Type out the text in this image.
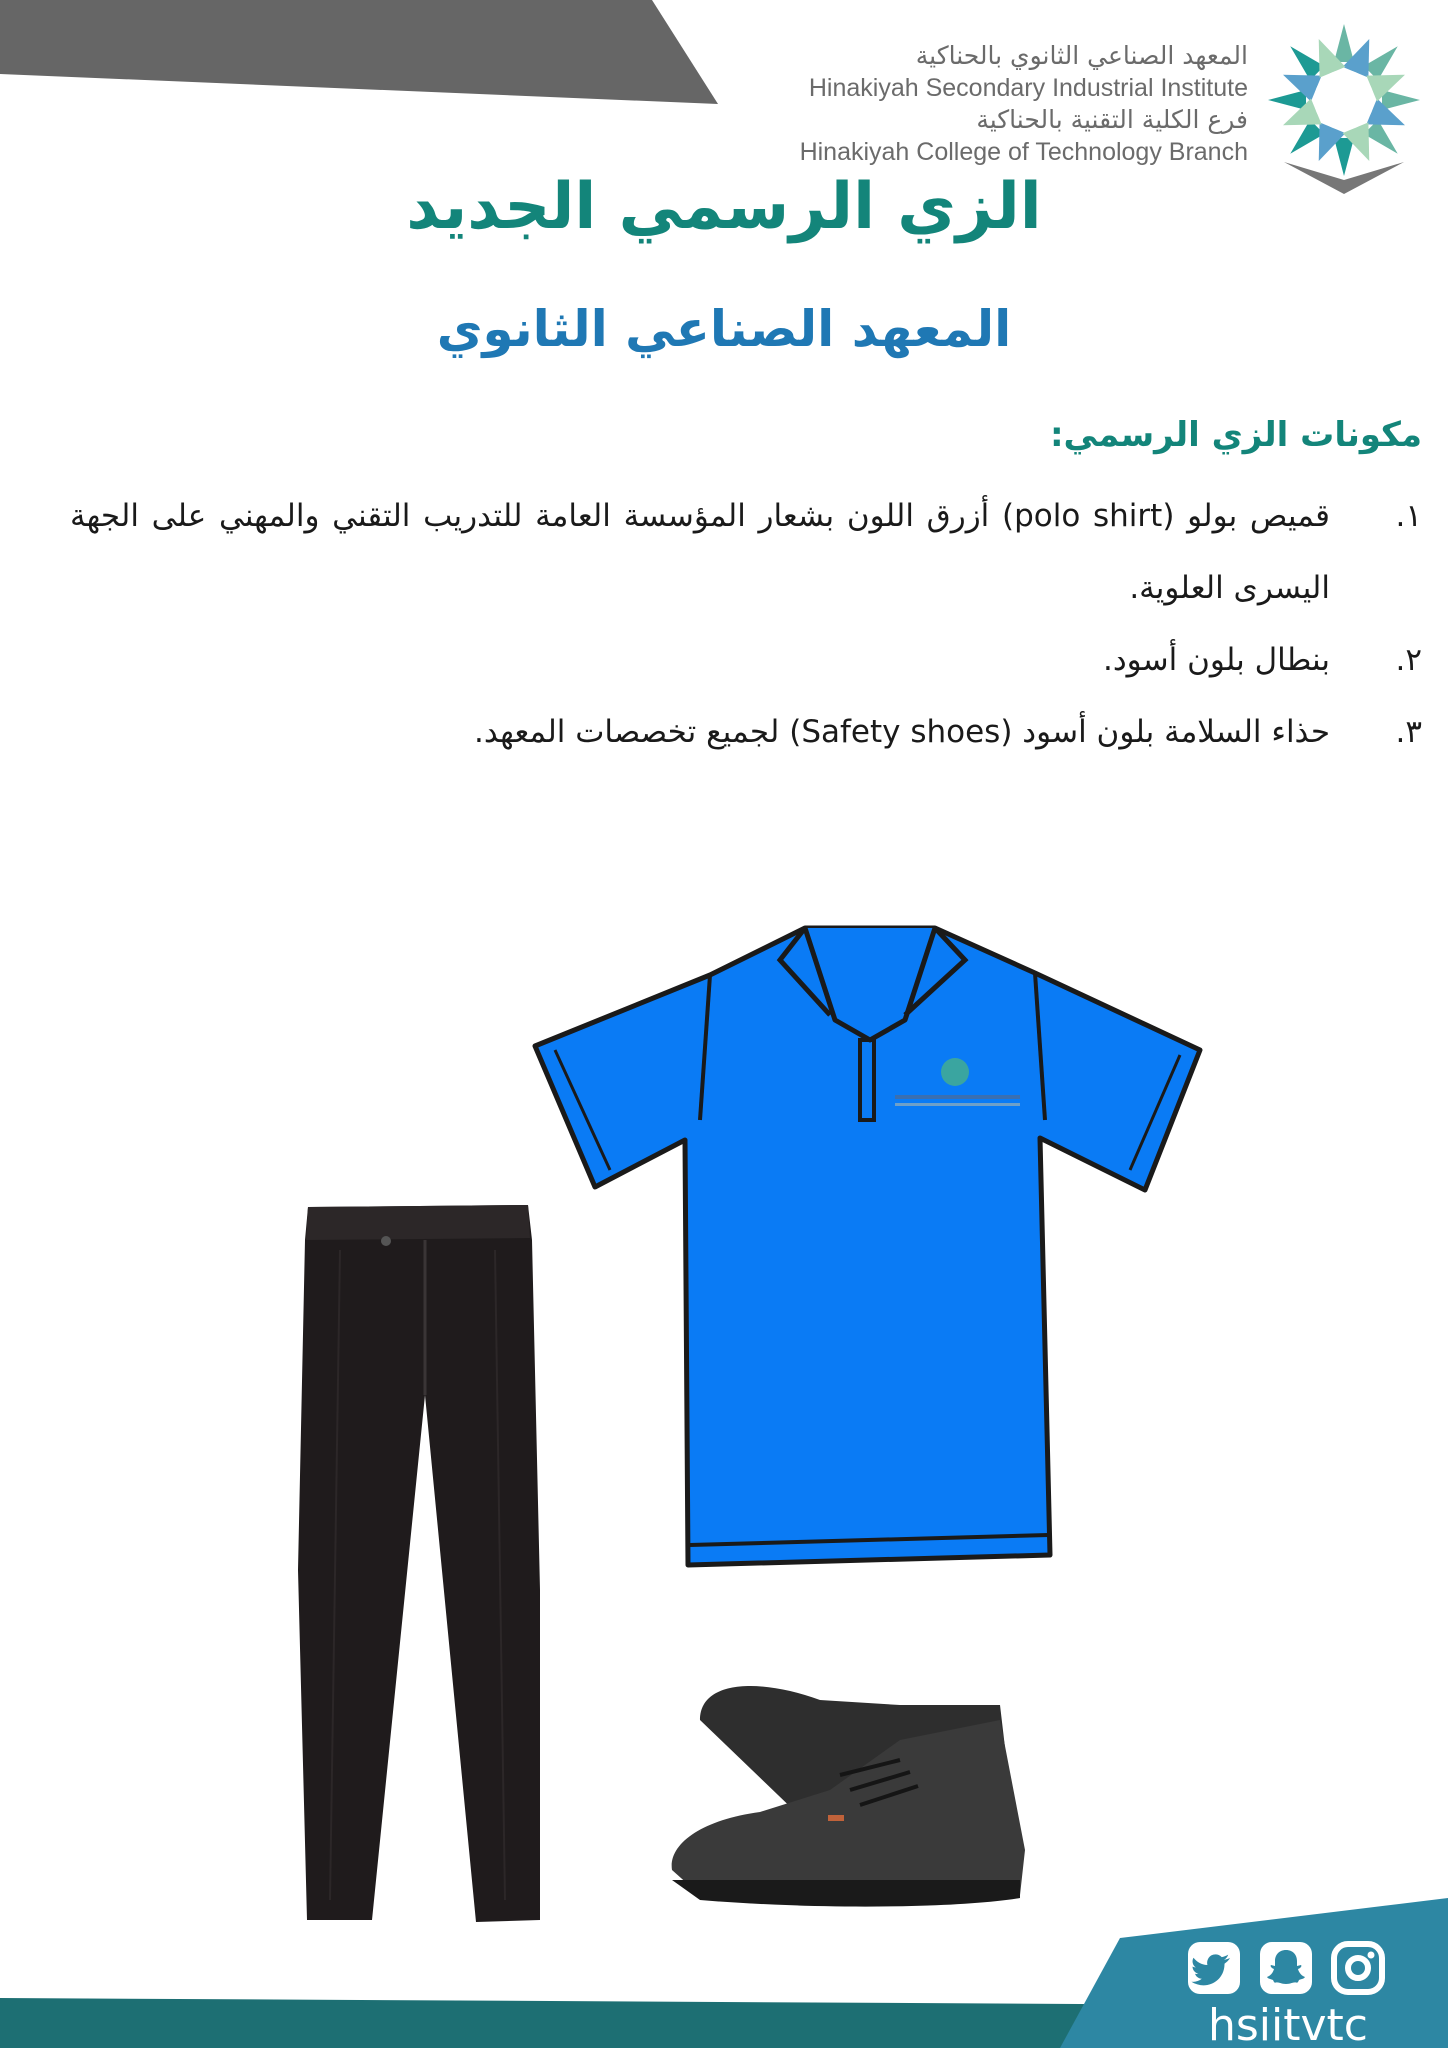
المعهد الصناعي الثانوي بالحناكية
Hinakiyah Secondary Industrial Institute
فرع الكلية التقنية بالحناكية
Hinakiyah College of Technology Branch
الزي الرسمي الجديد
المعهد الصناعي الثانوي
مكونات الزي الرسمي:
١.
قميص بولو (polo shirt) أزرق اللون بشعار المؤسسة العامة للتدريب التقني والمهني على الجهة اليسرى العلوية.
٢.
بنطال بلون أسود.
٣.
حذاء السلامة بلون أسود (Safety shoes) لجميع تخصصات المعهد.
hsiitvtc
